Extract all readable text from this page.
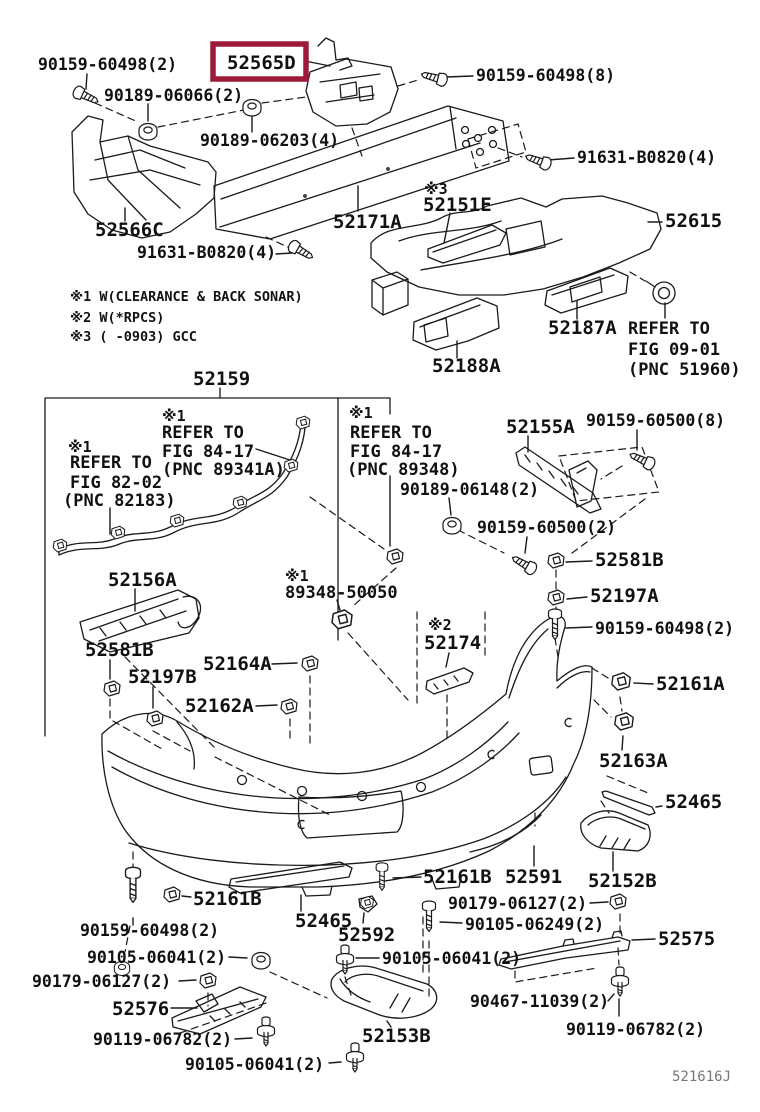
52565D
※1 W(CLEARANCE & BACK SONAR)
※2 W(*RPCS)
※3 ( -0903) GCC
90159-60498(2)
90159-60498(8)
90189-06066(2)
90189-06203(4)
91631-B0820(4)
52566C	52171A
※3
52151E
52615
91631-B0820(4)
52187A REFER TO
FIG 09-01
(PNC 51960)
52188A
52159
※1
REFER TO
FIG 84-17
(PNC 89341A)
※1
REFER TO
FIG 82-02
(PNC 82183)
※1
REFER TO
FIG 84-17
(PNC 89348)
52155A 90159-60500(8)
90189-06148(2)
90159-60500(2)
52581B
52197A
90159-60498(2)
52156A	※1
89348-50050
52581B
52197B
52164A
52162A
※2
52174
52161A
52163A
52465
52152B
52161B 52591
90179-06127(2)
90105-06249(2)
52575
52465
52592
90159-60498(2)
52161B
90105-06041(2)	90105-06041(2)
90179-06127(2)
52576
90119-06782(2)
90105-06041(2)
52153B
90467-11039(2)
90119-06782(2)
521616J
